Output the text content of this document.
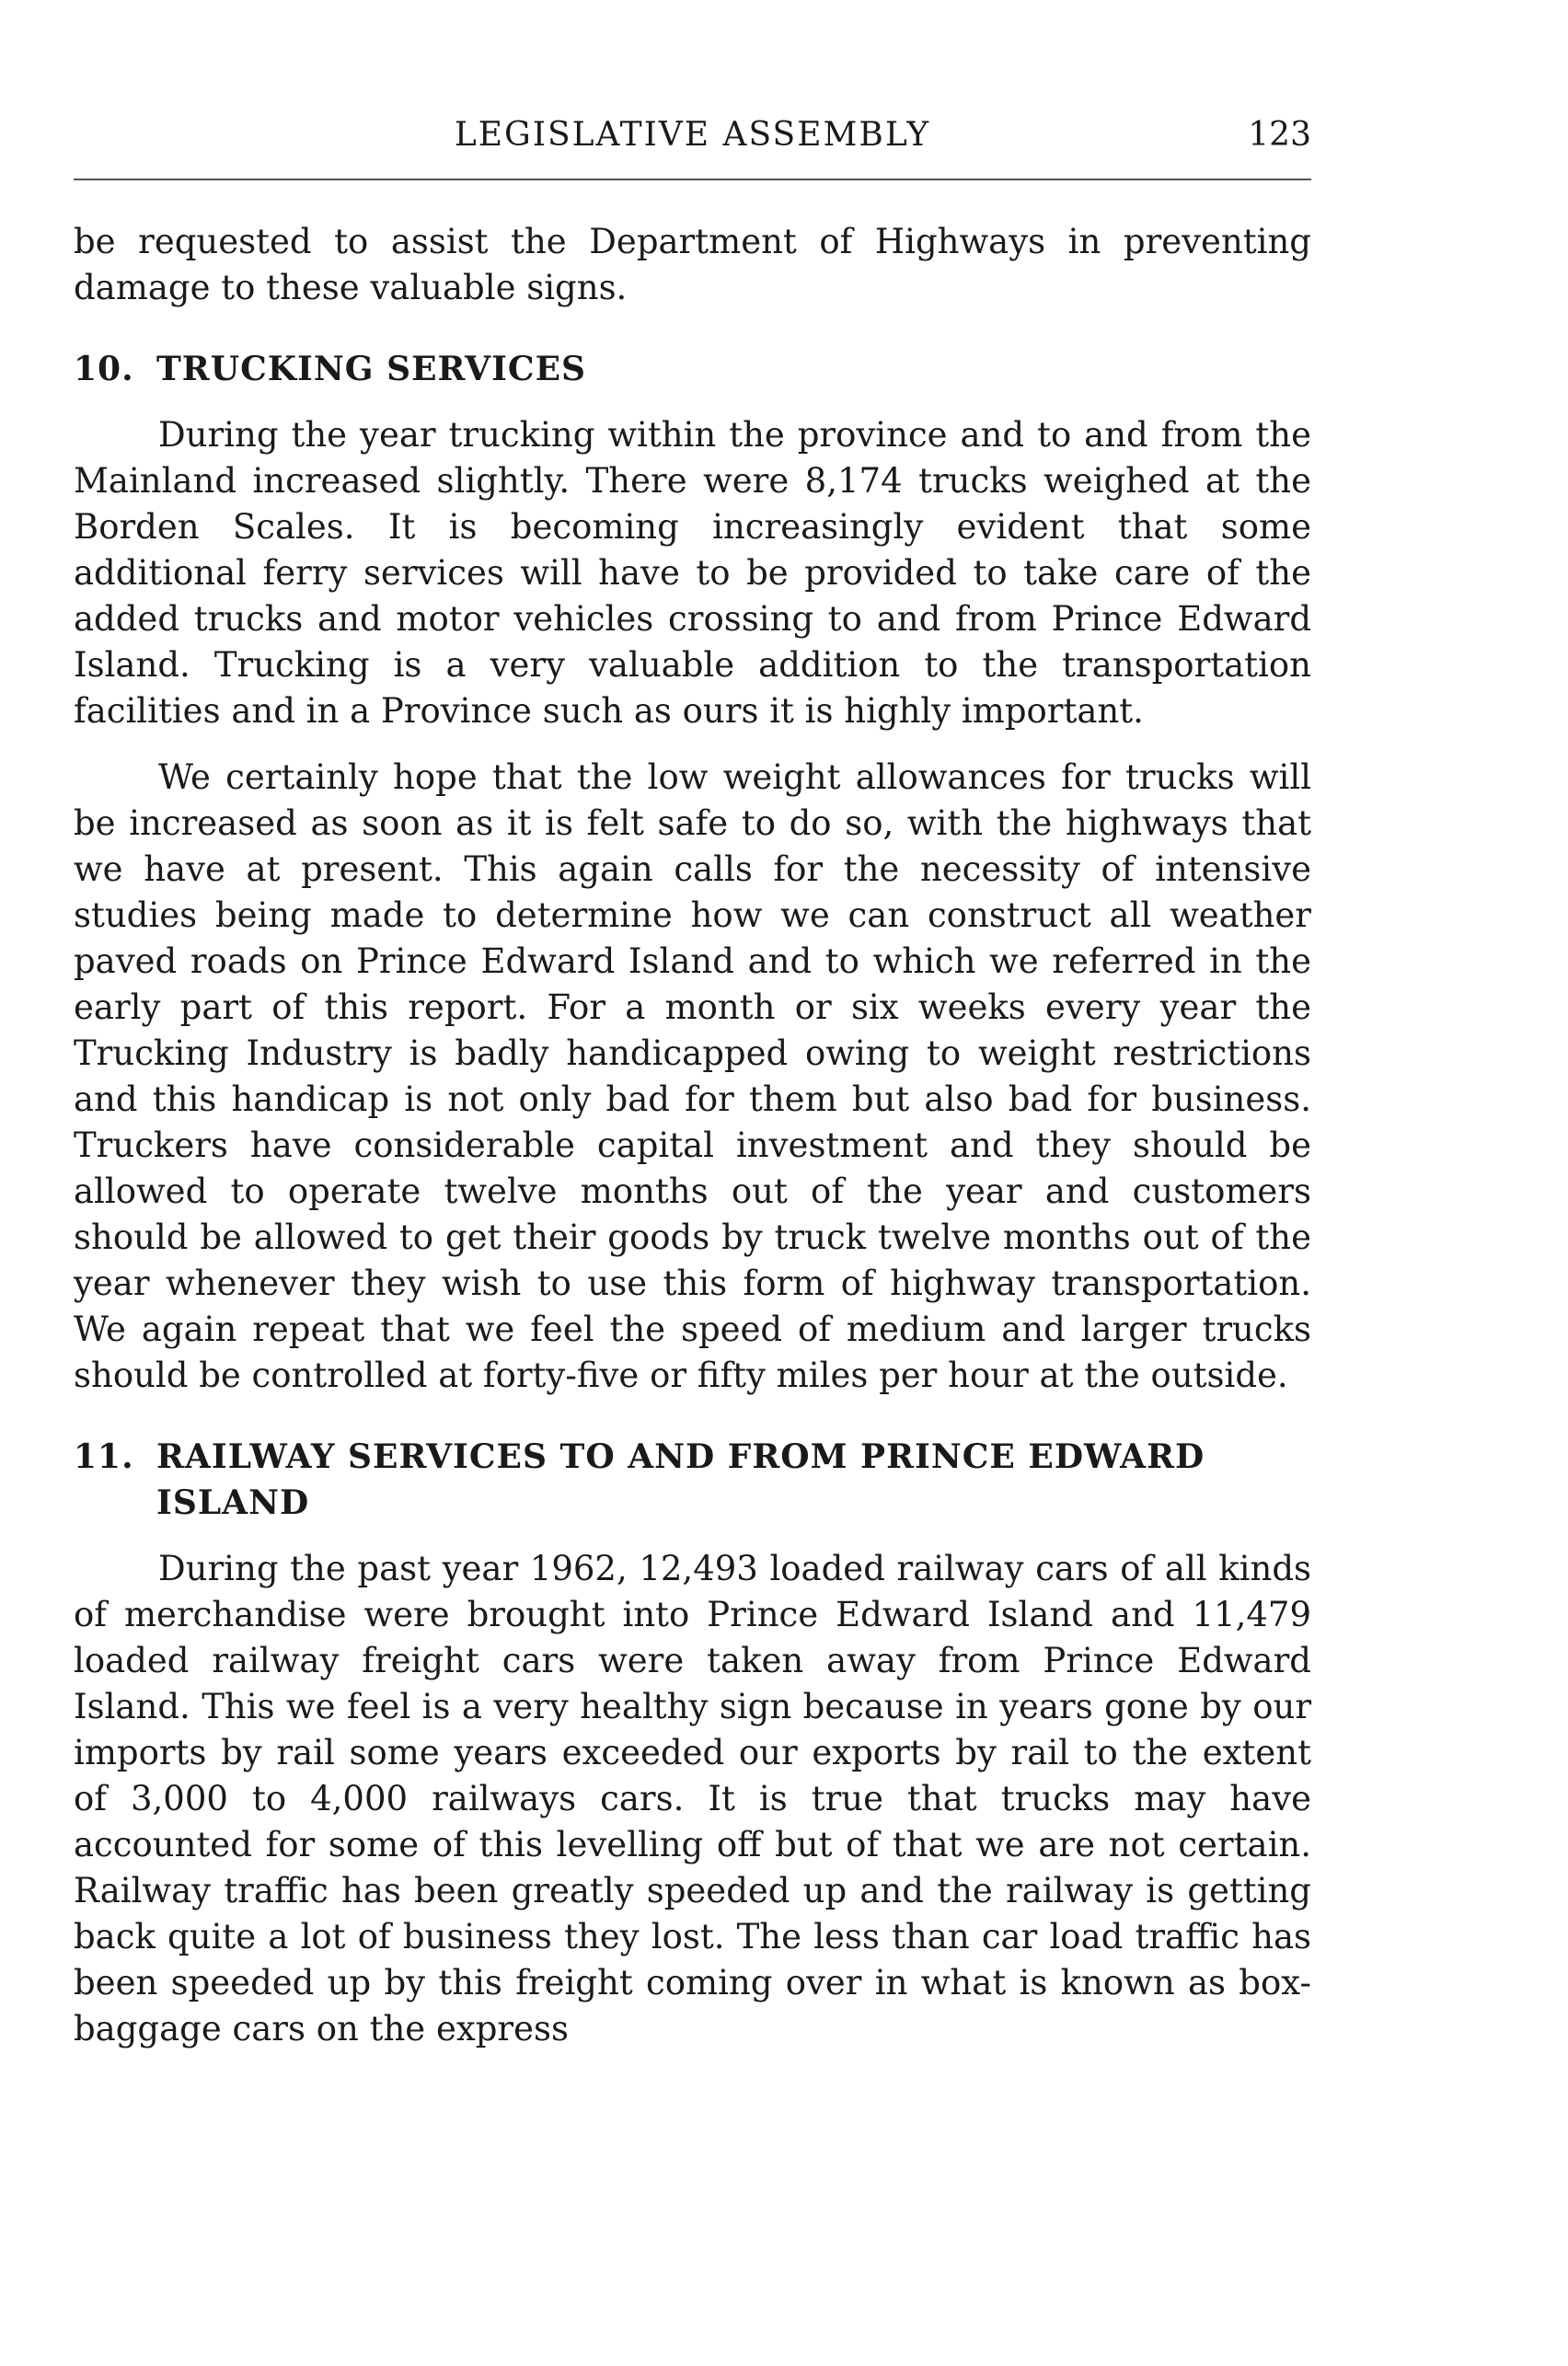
LEGISLATIVE ASSEMBLY	123

be requested to assist the Department of Highways in preventing damage to these valuable signs.

10. TRUCKING SERVICES

During the year trucking within the province and to and from the Mainland increased slightly. There were 8,174 trucks weighed at the Borden Scales. It is becoming increasingly evident that some additional ferry services will have to be provided to take care of the added trucks and motor vehicles crossing to and from Prince Edward Island. Trucking is a very valuable addition to the transportation facilities and in a Province such as ours it is highly important.

We certainly hope that the low weight allowances for trucks will be increased as soon as it is felt safe to do so, with the highways that we have at present. This again calls for the necessity of intensive studies being made to determine how we can construct all weather paved roads on Prince Edward Island and to which we referred in the early part of this report. For a month or six weeks every year the Trucking Industry is badly handicapped owing to weight restrictions and this handicap is not only bad for them but also bad for business. Truckers have considerable capital investment and they should be allowed to operate twelve months out of the year and customers should be allowed to get their goods by truck twelve months out of the year whenever they wish to use this form of highway transportation. We again repeat that we feel the speed of medium and larger trucks should be controlled at forty-five or fifty miles per hour at the outside.

11. RAILWAY SERVICES TO AND FROM PRINCE EDWARD ISLAND

During the past year 1962, 12,493 loaded railway cars of all kinds of merchandise were brought into Prince Edward Island and 11,479 loaded railway freight cars were taken away from Prince Edward Island. This we feel is a very healthy sign because in years gone by our imports by rail some years exceeded our exports by rail to the extent of 3,000 to 4,000 railways cars. It is true that trucks may have accounted for some of this levelling off but of that we are not certain. Railway traffic has been greatly speeded up and the railway is getting back quite a lot of business they lost. The less than car load traffic has been speeded up by this freight coming over in what is known as box-baggage cars on the express
